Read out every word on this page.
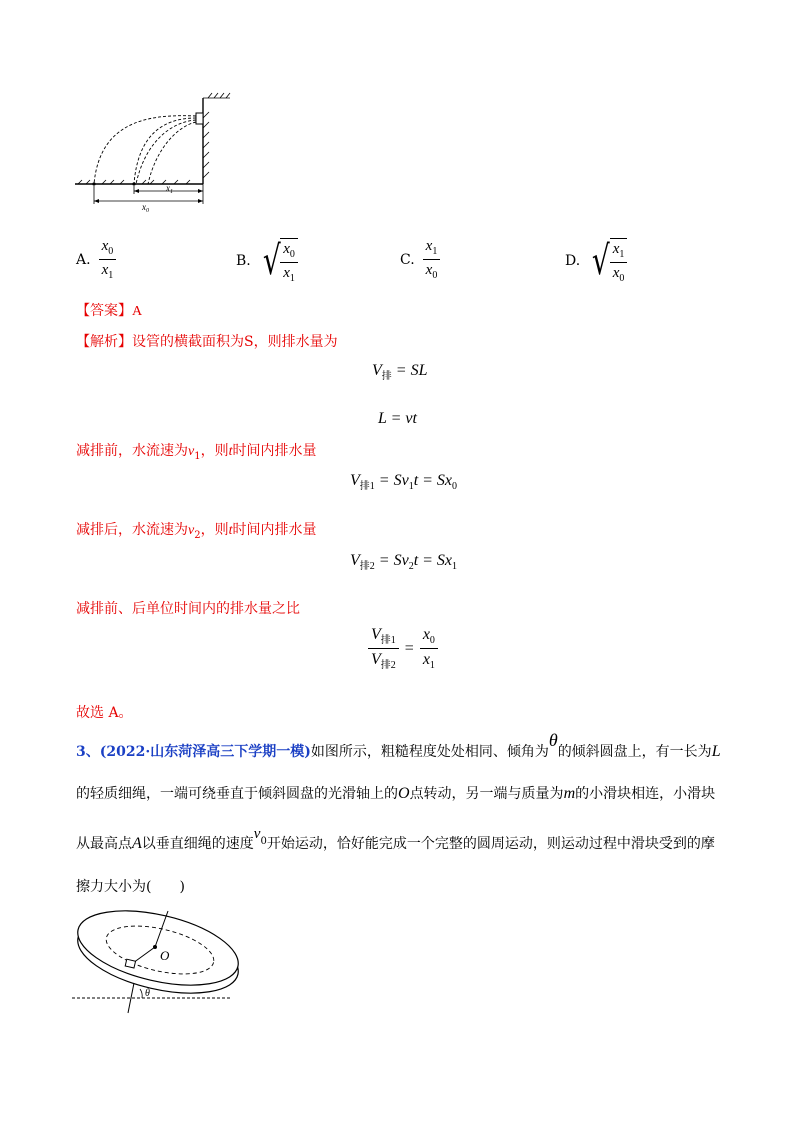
$x_1$
$x_0$
A. $\frac{x_0}{x_1}$	B. √ $\frac{x_0}{x_1}$	C. $\frac{x_1}{x_0}$	D. √ $\frac{x_1}{x_0}$
【答案】A
【解析】设管的横截面积为S，则排水量为
$V_排$ = SL
L = vt
减排前，水流速为$v_1$，则t时间内排水量
$V_{排1} = Sv_1t = Sx_0$
减排后，水流速为$v_2$，则t时间内排水量
$V_{排2} = Sv_2t = Sx_1$
减排前、后单位时间内的排水量之比
$\frac{V_{排1}}{V_{排2}} = \frac{x_0}{x_1}$
故选 A。
3、(2022·山东菏泽高三下学期一模)如图所示，粗糙程度处处相同、倾角为θ的倾斜圆盘上，有一长为L
的轻质细绳，一端可绕垂直于倾斜圆盘的光滑轴上的O点转动，另一端与质量为m的小滑块相连，小滑块
从最高点A以垂直细绳的速度$v_0$开始运动，恰好能完成一个完整的圆周运动，则运动过程中滑块受到的摩
擦力大小为(　　)
O
θ
